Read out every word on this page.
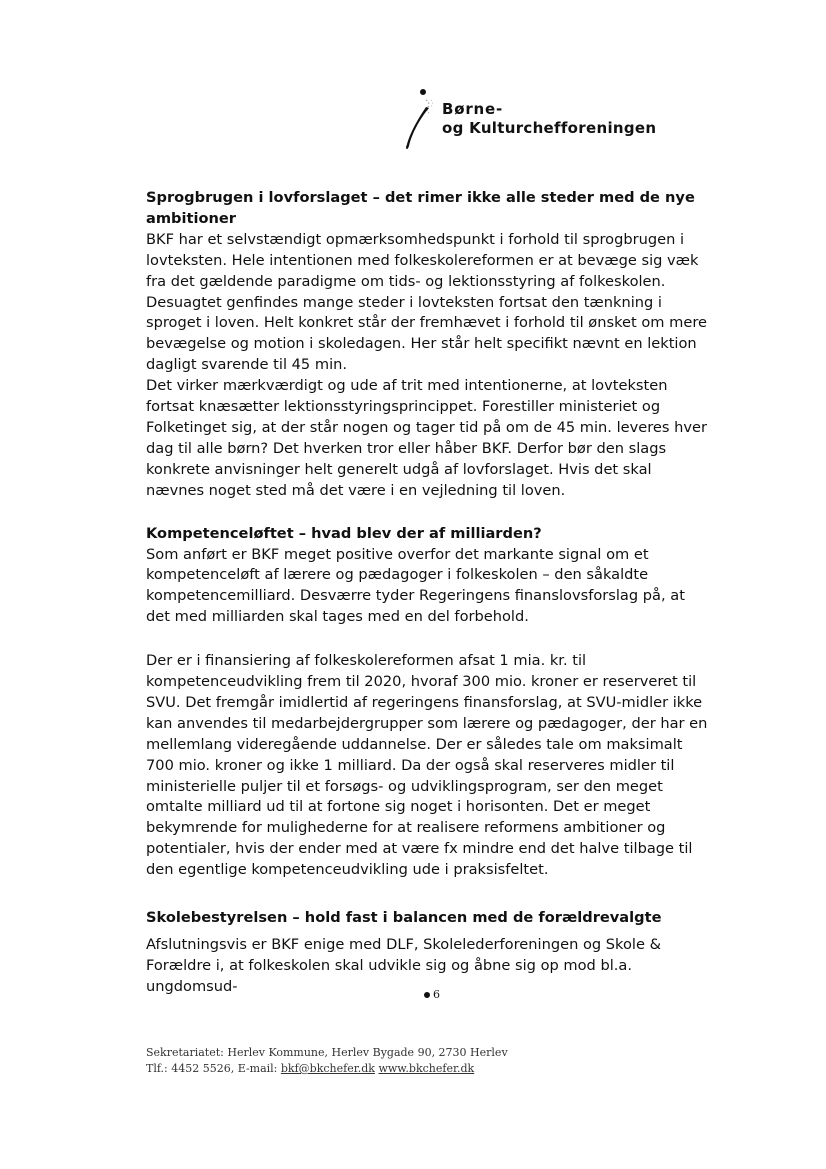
Børne-
og Kulturchefforeningen
Sprogbrugen i lovforslaget – det rimer ikke alle steder med de nye ambitioner

BKF har et selvstændigt opmærksomhedspunkt i forhold til sprogbrugen i lovteksten. Hele intentionen med folkeskolereformen er at bevæge sig væk fra det gældende paradigme om tids- og lektionsstyring af folkeskolen. Desuagtet genfindes mange steder i lovteksten fortsat den tænkning i sproget i loven. Helt konkret står der fremhævet i forhold til ønsket om mere bevægelse og motion i skoledagen. Her står helt specifikt nævnt en lektion dagligt svarende til 45 min.

Det virker mærkværdigt og ude af trit med intentionerne, at lovteksten fortsat knæsætter lektionsstyringsprincippet. Forestiller ministeriet og Folketinget sig, at der står nogen og tager tid på om de 45 min. leveres hver dag til alle børn? Det hverken tror eller håber BKF. Derfor bør den slags konkrete anvisninger helt generelt udgå af lovforslaget. Hvis det skal nævnes noget sted må det være i en vejledning til loven.

Kompetenceløftet – hvad blev der af milliarden?

Som anført er BKF meget positive overfor det markante signal om et kompetenceløft af lærere og pædagoger i folkeskolen – den såkaldte kompetencemilliard. Desværre tyder Regeringens finanslovsforslag på, at det med milliarden skal tages med en del forbehold.

Der er i finansiering af folkeskolereformen afsat 1 mia. kr. til kompetenceudvikling frem til 2020, hvoraf 300 mio. kroner er reserveret til SVU. Det fremgår imidlertid af regeringens finansforslag, at SVU-midler ikke kan anvendes til medarbejdergrupper som lærere og pædagoger, der har en mellemlang videregående uddannelse. Der er således tale om maksimalt 700 mio. kroner og ikke 1 milliard. Da der også skal reserveres midler til ministerielle puljer til et forsøgs- og udviklingsprogram, ser den meget omtalte milliard ud til at fortone sig noget i horisonten. Det er meget bekymrende for mulighederne for at realisere reformens ambitioner og potentialer, hvis der ender med at være fx mindre end det halve tilbage til den egentlige kompetenceudvikling ude i praksisfeltet.

Skolebestyrelsen – hold fast i balancen med de forældrevalgte

Afslutningsvis er BKF enige med DLF, Skolelederforeningen og Skole & Forældre i, at folkeskolen skal udvikle sig og åbne sig op mod bl.a. ungdomsud-	6
Sekretariatet: Herlev Kommune, Herlev Bygade 90, 2730 Herlev
Tlf.: 4452 5526, E-mail: bkf@bkchefer.dk www.bkchefer.dk
